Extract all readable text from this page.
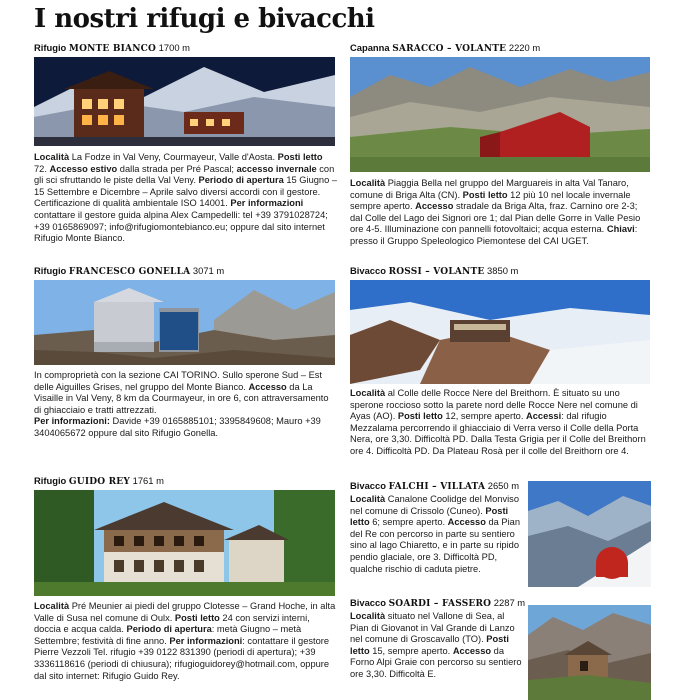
I nostri rifugi e bivacchi
Rifugio MONTE BIANCO 1700 m
Località La Fodze in Val Veny, Courmayeur, Valle d'Aosta. Posti letto 72. Accesso estivo dalla strada per Pré Pascal; accesso invernale con gli sci sfruttando le piste della Val Veny. Periodo di apertura 15 Giugno – 15 Settembre e Dicembre – Aprile salvo diversi accordi con il gestore. Certificazione di qualità ambientale ISO 14001. Per informazioni contattare il gestore guida alpina Alex Campedelli: tel +39 3791028724; +39 0165869097; info@rifugiomontebianco.eu; oppure dal sito internet Rifugio Monte Bianco.
Capanna SARACCO – VOLANTE 2220 m
Località Piaggia Bella nel gruppo del Marguareis in alta Val Tanaro, comune di Briga Alta (CN). Posti letto 12 più 10 nel locale invernale sempre aperto. Accesso stradale da Briga Alta, fraz. Carnino ore 2-3; dal Colle del Lago dei Signori ore 1; dal Pian delle Gorre in Valle Pesio ore 4-5. Illuminazione con pannelli fotovoltaici; acqua esterna. Chiavi: presso il Gruppo Speleologico Piemontese del CAI UGET.
Rifugio FRANCESCO GONELLA 3071 m
In comproprietà con la sezione CAI TORINO. Sullo sperone Sud – Est delle Aiguilles Grises, nel gruppo del Monte Bianco. Accesso da La Visaille in Val Veny, 8 km da Courmayeur, in ore 6, con attraversamento di ghiacciaio e tratti attrezzati.
Per informazioni: Davide +39 0165885101; 3395849608; Mauro +39 3404065672 oppure dal sito Rifugio Gonella.
Bivacco ROSSI – VOLANTE 3850 m
Località al Colle delle Rocce Nere del Breithorn. È situato su uno sperone roccioso sotto la parete nord delle Rocce Nere nel comune di Ayas (AO). Posti letto 12, sempre aperto. Accessi: dal rifugio Mezzalama percorrendo il ghiacciaio di Verra verso il Colle della Porta Nera, ore 3,30. Difficoltà PD. Dalla Testa Grigia per il Colle del Breithorn ore 4. Difficoltà PD. Da Plateau Rosà per il colle del Breithorn ore 4.
Rifugio GUIDO REY 1761 m
Località Pré Meunier ai piedi del gruppo Clotesse – Grand Hoche, in alta Valle di Susa nel comune di Oulx. Posti letto 24 con servizi interni, doccia e acqua calda. Periodo di apertura: metà Giugno – metà Settembre; festività di fine anno. Per informazioni: contattare il gestore Pierre Vezzoli Tel. rifugio +39 0122 831390 (periodi di apertura); +39 3336118616 (periodi di chiusura); rifugioguidorey@hotmail.com, oppure dal sito internet: Rifugio Guido Rey.
Bivacco FALCHI – VILLATA 2650 m
Località Canalone Coolidge del Monviso nel comune di Crissolo (Cuneo). Posti letto 6; sempre aperto. Accesso da Pian del Re con percorso in parte su sentiero sino al lago Chiaretto, e in parte su ripido pendio glaciale, ore 3. Difficoltà PD, qualche rischio di caduta pietre.
Bivacco SOARDI – FASSERO 2287 m
Località situato nel Vallone di Sea, al Pian di Giovanot in Val Grande di Lanzo nel comune di Groscavallo (TO). Posti letto 15, sempre aperto. Accesso da Forno Alpi Graie con percorso su sentiero ore 3,30. Difficoltà E.
